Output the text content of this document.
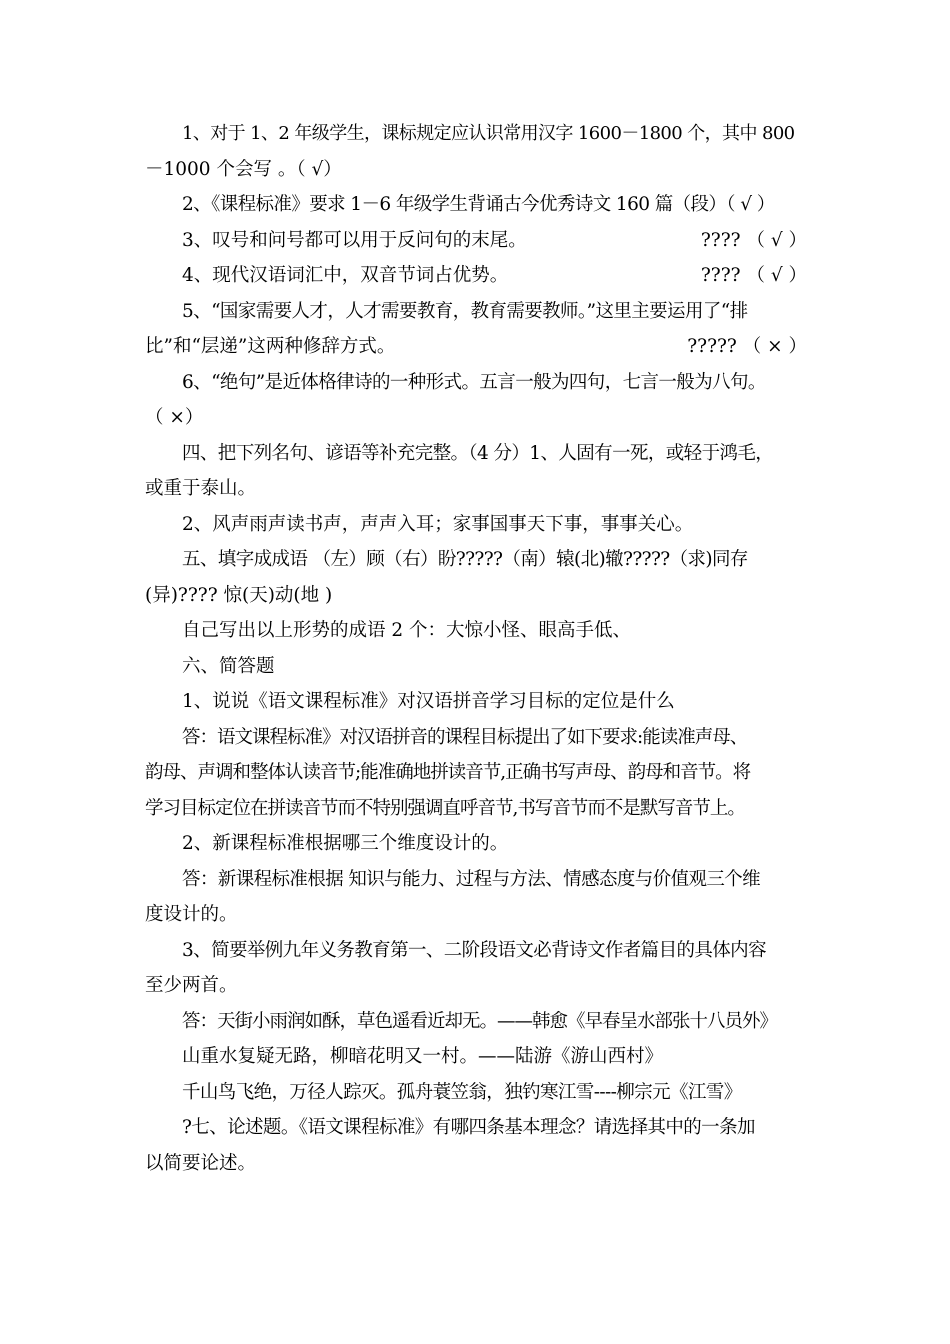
1、对于 1、2 年级学生，课标规定应认识常用汉字 1600－1800 个，其中 800
－1000 个会写 。（ √）
2、《课程标准》要求 1－6 年级学生背诵古今优秀诗文 160 篇（段）（ √ ）
3、叹号和问号都可以用于反问句的末尾。	???? （ √ ）
4、现代汉语词汇中，双音节词占优势。	???? （ √ ）
5、“国家需要人才，人才需要教育，教育需要教师。”这里主要运用了“排
比”和“层递”这两种修辞方式。	????? （ × ）
6、“绝句”是近体格律诗的一种形式。五言一般为四句，七言一般为八句。
（ ×）
四、把下列名句、谚语等补充完整。（4 分）1、人固有一死，或轻于鸿毛，
或重于泰山。
2、风声雨声读书声，声声入耳；家事国事天下事，事事关心。
五、填字成成语 （左）顾（右）盼?????（南）辕(北)辙?????（求)同存
(异)???? 惊(天)动(地 )
自己写出以上形势的成语 2 个：大惊小怪、眼高手低、
六、简答题
1、说说《语文课程标准》对汉语拼音学习目标的定位是什么
答：语文课程标准》对汉语拼音的课程目标提出了如下要求:能读准声母、
韵母、声调和整体认读音节;能准确地拼读音节,正确书写声母、韵母和音节。将
学习目标定位在拼读音节而不特别强调直呼音节,书写音节而不是默写音节上。
2、新课程标准根据哪三个维度设计的。
答：新课程标准根据 知识与能力、过程与方法、情感态度与价值观三个维
度设计的。
3、简要举例九年义务教育第一、二阶段语文必背诗文作者篇目的具体内容
至少两首。
答：天街小雨润如酥，草色遥看近却无。——韩愈《早春呈水部张十八员外》
山重水复疑无路，柳暗花明又一村。——陆游《游山西村》
千山鸟飞绝，万径人踪灭。孤舟蓑笠翁，独钓寒江雪----柳宗元《江雪》
?七、论述题。《语文课程标准》有哪四条基本理念？请选择其中的一条加
以简要论述。
